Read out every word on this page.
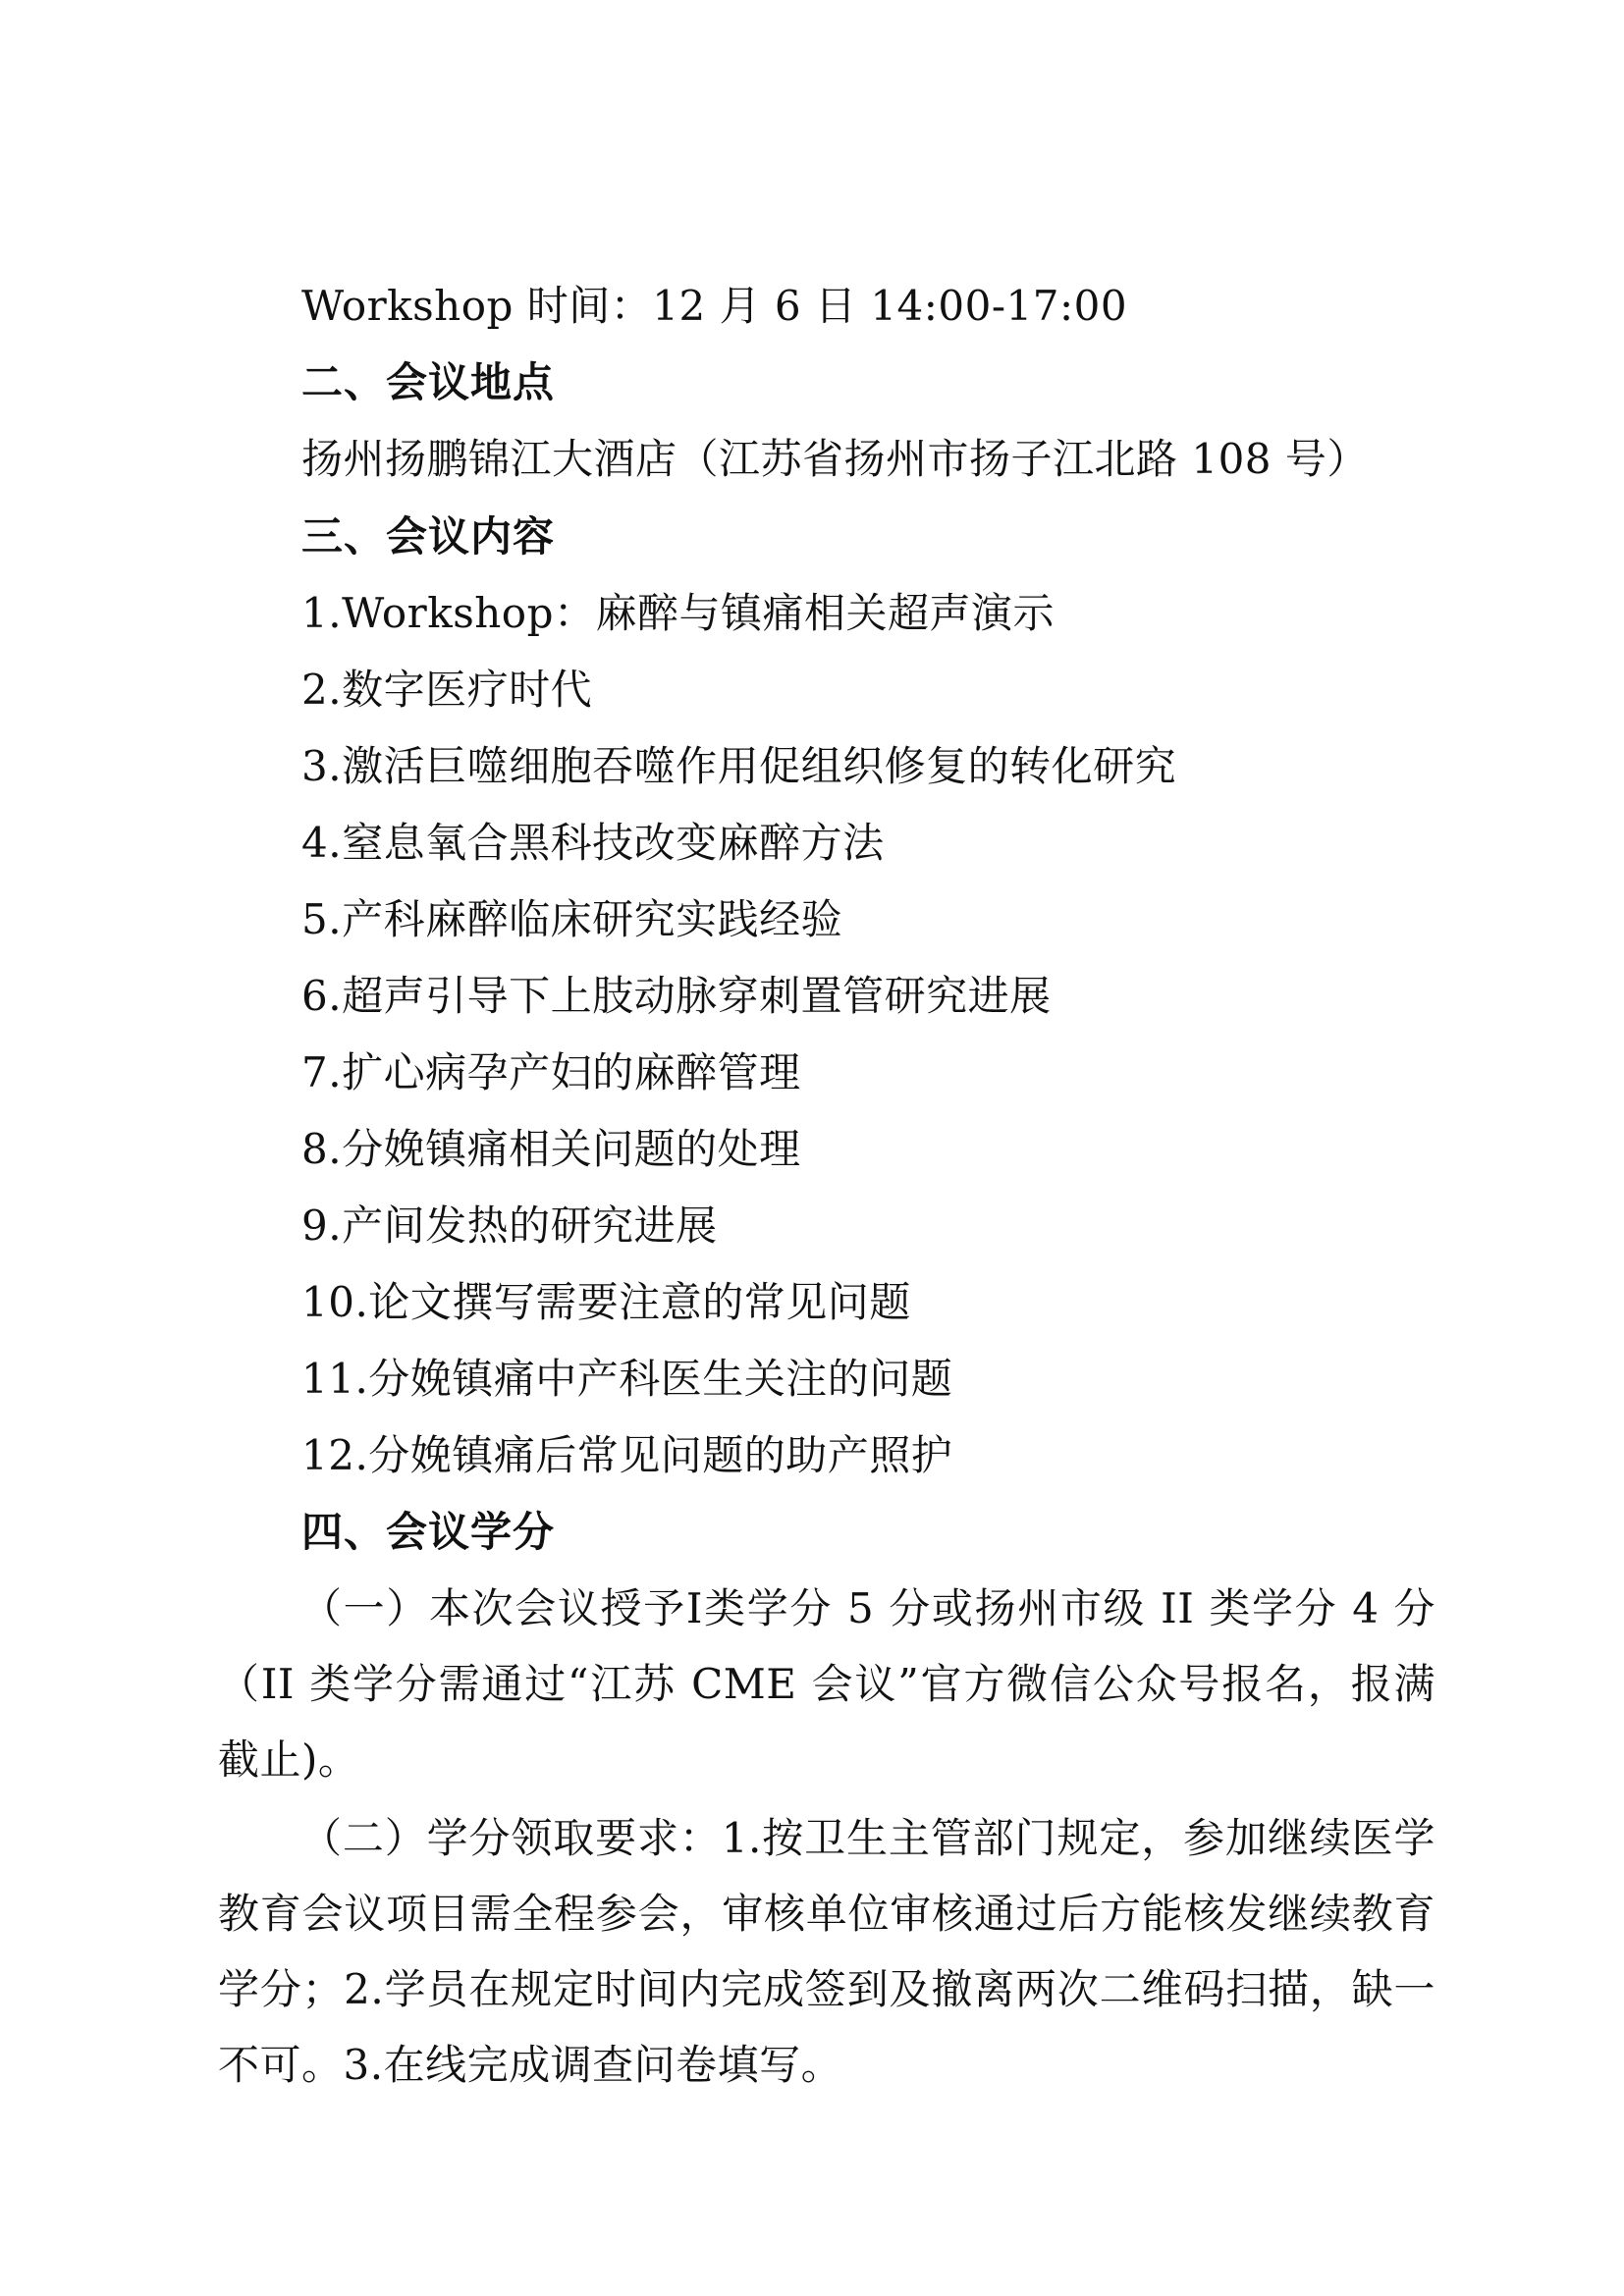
Workshop 时间：12 月 6 日 14:00-17:00
二、会议地点
扬州扬鹏锦江大酒店（江苏省扬州市扬子江北路 108 号）
三、会议内容
1.Workshop：麻醉与镇痛相关超声演示
2.数字医疗时代
3.激活巨噬细胞吞噬作用促组织修复的转化研究
4.窒息氧合黑科技改变麻醉方法
5.产科麻醉临床研究实践经验
6.超声引导下上肢动脉穿刺置管研究进展
7.扩心病孕产妇的麻醉管理
8.分娩镇痛相关问题的处理
9.产间发热的研究进展
10.论文撰写需要注意的常见问题
11.分娩镇痛中产科医生关注的问题
12.分娩镇痛后常见问题的助产照护
四、会议学分
（一）本次会议授予Ⅰ类学分 5 分或扬州市级 II 类学分 4 分（II 类学分需通过“江苏 CME 会议”官方微信公众号报名，报满截止)。
（二）学分领取要求：1.按卫生主管部门规定，参加继续医学教育会议项目需全程参会，审核单位审核通过后方能核发继续教育学分；2.学员在规定时间内完成签到及撤离两次二维码扫描，缺一不可。3.在线完成调查问卷填写。
